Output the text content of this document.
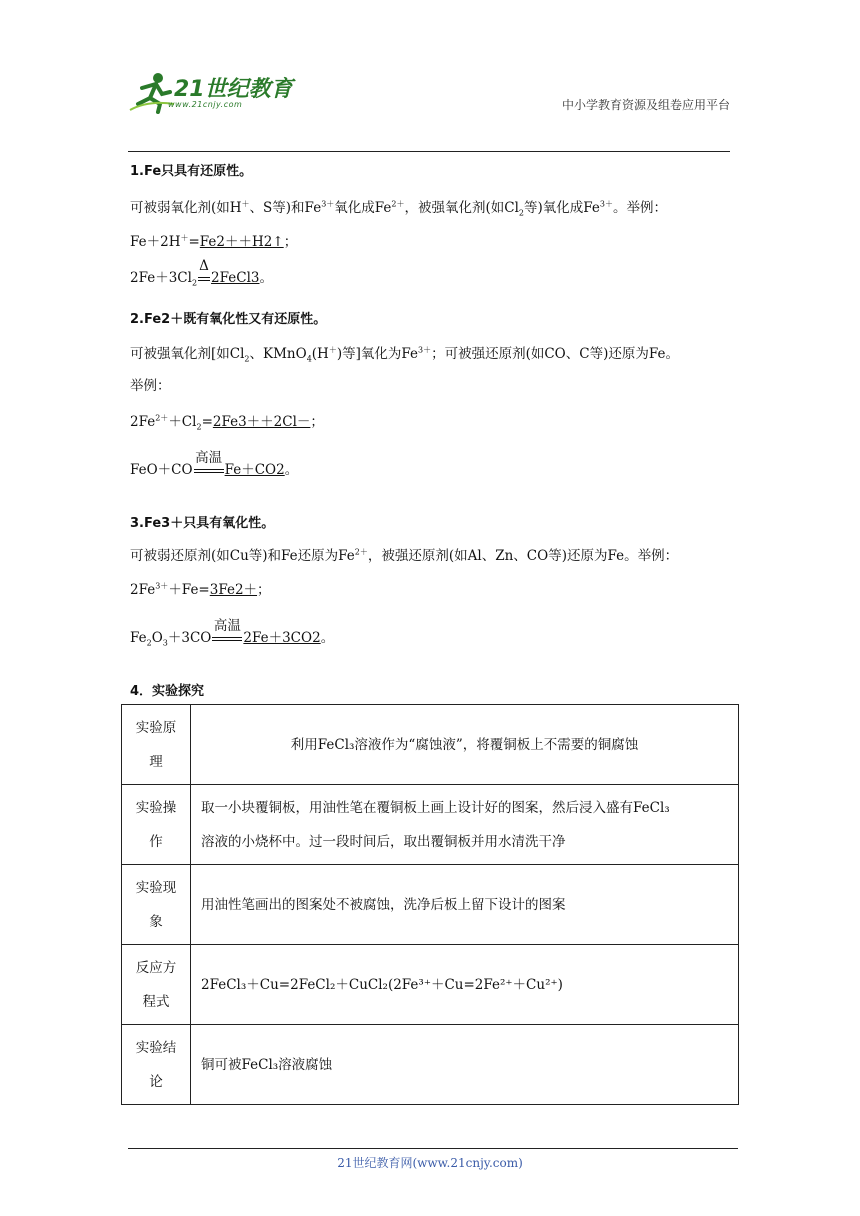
21世纪教育
www.21cnjy.com	中小学教育资源及组卷应用平台
1.Fe只具有还原性。
可被弱氧化剂(如H＋、S等)和$Fe^{3+}$氧化成$Fe^{2+}$，被强氧化剂(如$Cl_2$等)氧化成$Fe^{3+}$。举例：
Fe＋2H＋=Fe2＋＋H2↑；
$2Fe+3Cl_2$
Δ
2FeCl3。
2.Fe2＋既有氧化性又有还原性。
可被强氧化剂[如$Cl_2$、KMnO$_4$(H＋)等]氧化为$Fe^{3+}$；可被强还原剂(如CO、C等)还原为Fe。
举例：
$2Fe^{2+}+Cl_2=2Fe3++2Cl-$；
FeO＋CO
高温
Fe＋CO2。
3.Fe3＋只具有氧化性。
可被弱还原剂(如Cu等)和Fe还原为$Fe^{2+}$，被强还原剂(如Al、Zn、CO等)还原为Fe。举例：
$2Fe^{3+}+Fe=3Fe2+$；
$Fe_2O_3+3CO$
高温
2Fe＋3CO2。
4．实验探究
实验原
理	利用FeCl₃溶液作为“腐蚀液”，将覆铜板上不需要的铜腐蚀
实验操
作	取一小块覆铜板，用油性笔在覆铜板上画上设计好的图案，然后浸入盛有FeCl₃
溶液的小烧杯中。过一段时间后，取出覆铜板并用水清洗干净
实验现
象	用油性笔画出的图案处不被腐蚀，洗净后板上留下设计的图案
反应方
程式	2FeCl₃＋Cu=2FeCl₂＋CuCl₂(2Fe³⁺＋Cu=2Fe²⁺＋Cu²⁺)
实验结
论	铜可被FeCl₃溶液腐蚀
21世纪教育网(www.21cnjy.com)
